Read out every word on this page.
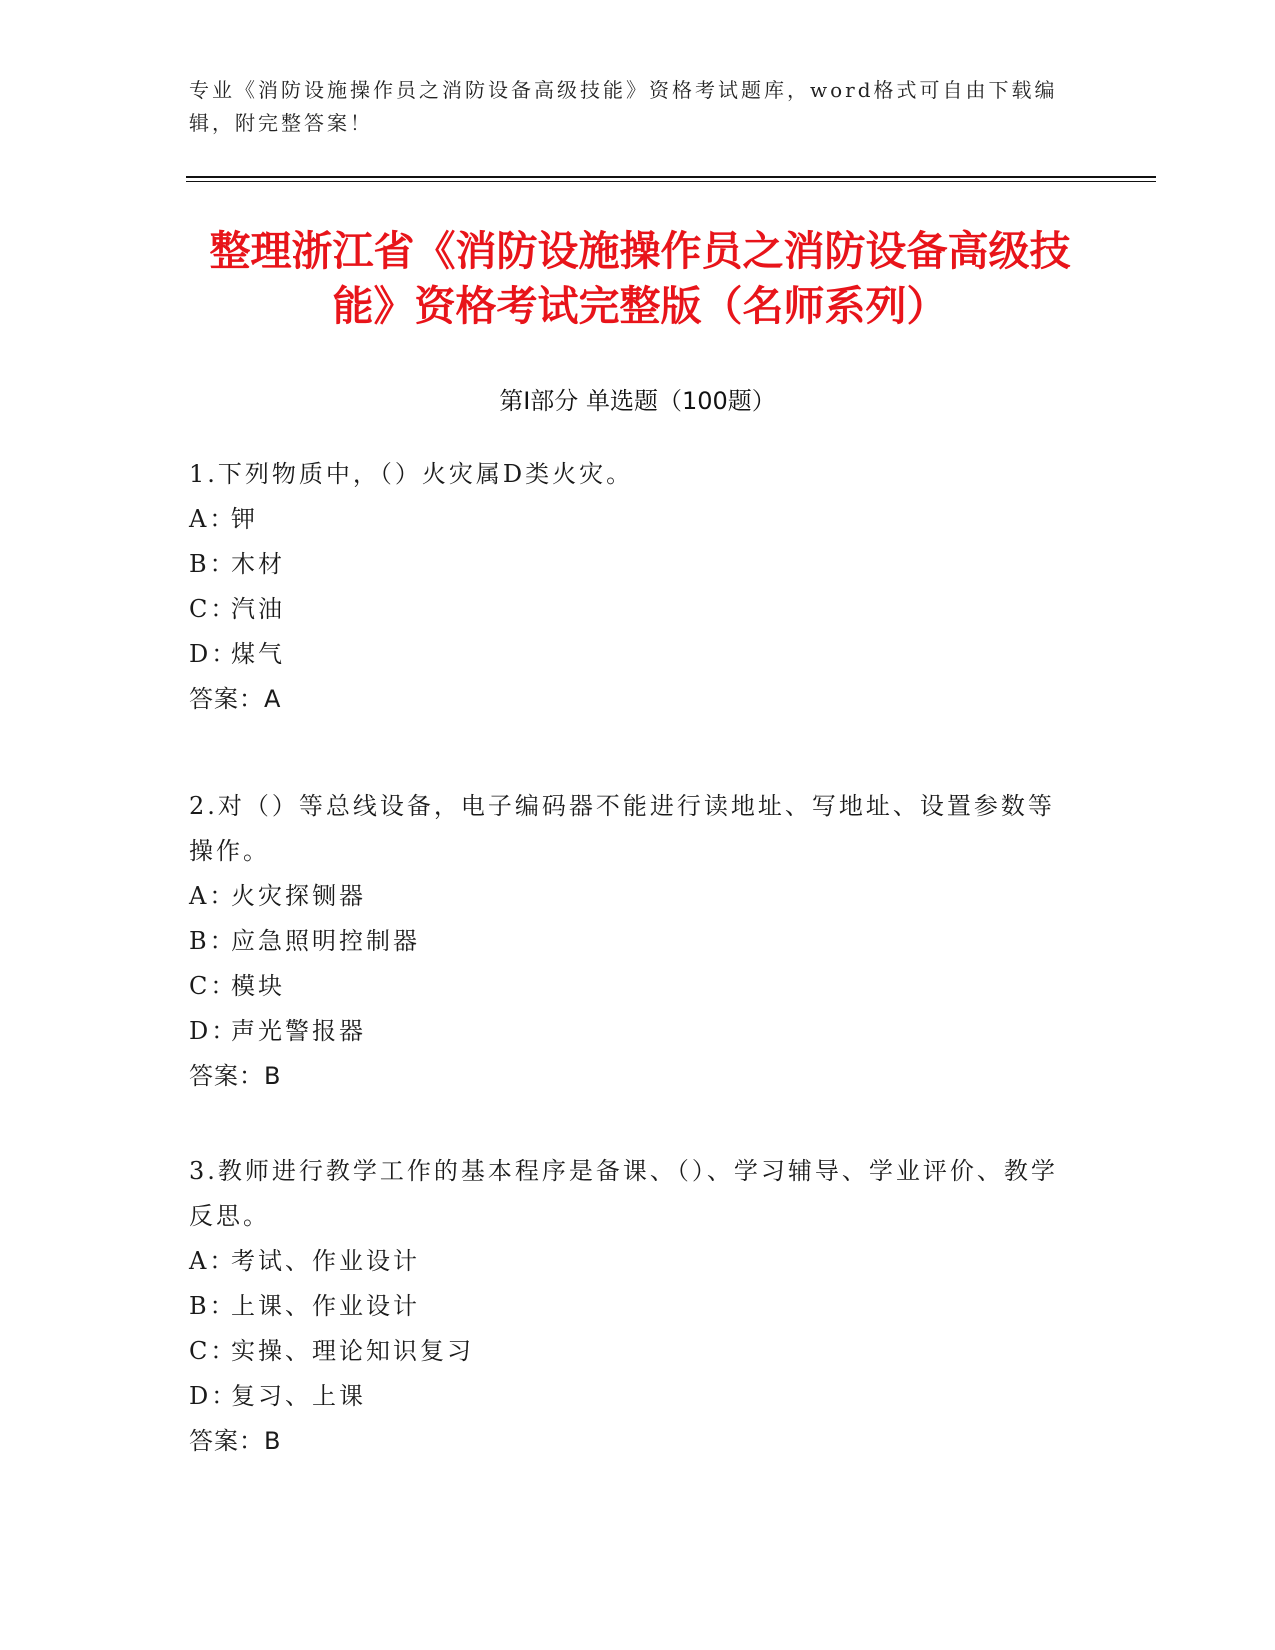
专业《消防设施操作员之消防设备高级技能》资格考试题库，word格式可自由下载编辑，附完整答案！
整理浙江省《消防设施操作员之消防设备高级技能》资格考试完整版（名师系列）
第Ⅰ部分 单选题（100题）

1.下列物质中，（）火灾属D类火灾。

A：
钾
B：
木材
C：
汽油
D：
煤气

答案：A

2.对（）等总线设备，电子编码器不能进行读地址、写地址、设置参数等操作。

A：
火灾探铡器
B：
应急照明控制器
C：
模块
D：
声光警报器

答案：B

3.教师进行教学工作的基本程序是备课、（）、学习辅导、学业评价、教学反思。

A：
考试、作业设计
B：
上课、作业设计
C：
实操、理论知识复习
D：
复习、上课

答案：B
